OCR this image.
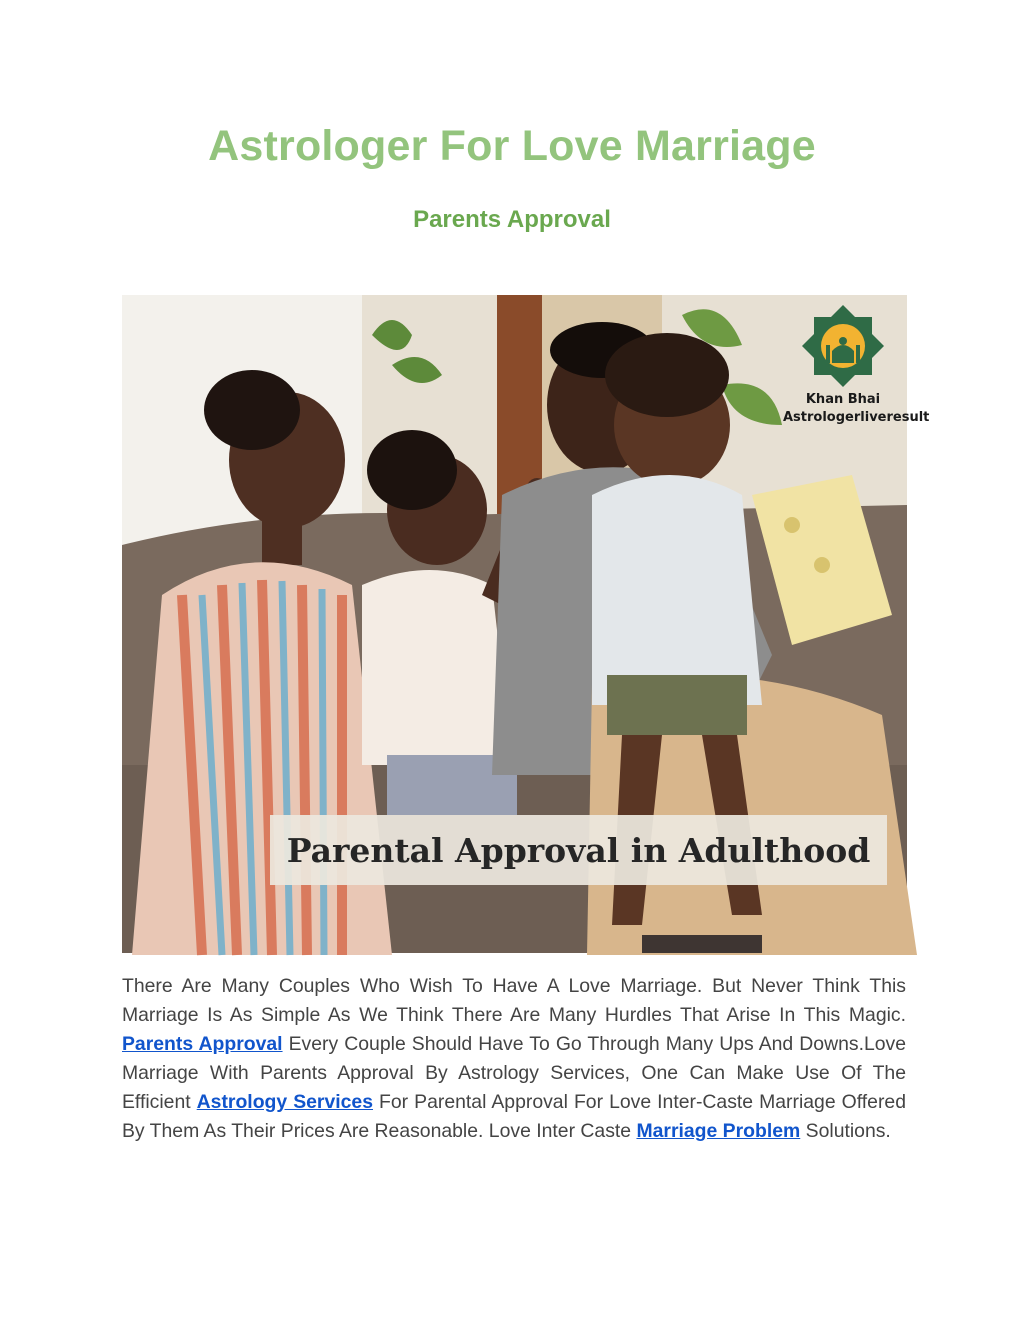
Astrologer For Love Marriage
Parents Approval
Khan Bhai
Astrologerliveresult
Parental Approval in Adulthood

There Are Many Couples Who Wish To Have A Love Marriage. But Never Think This Marriage Is As Simple As We Think There Are Many Hurdles That Arise In This Magic. Parents Approval Every Couple Should Have To Go Through Many Ups And Downs.Love Marriage With Parents Approval By Astrology Services, One Can Make Use Of The Efficient Astrology Services For Parental Approval For Love Inter-Caste Marriage Offered By Them As Their Prices Are Reasonable. Love Inter Caste Marriage Problem Solutions.
